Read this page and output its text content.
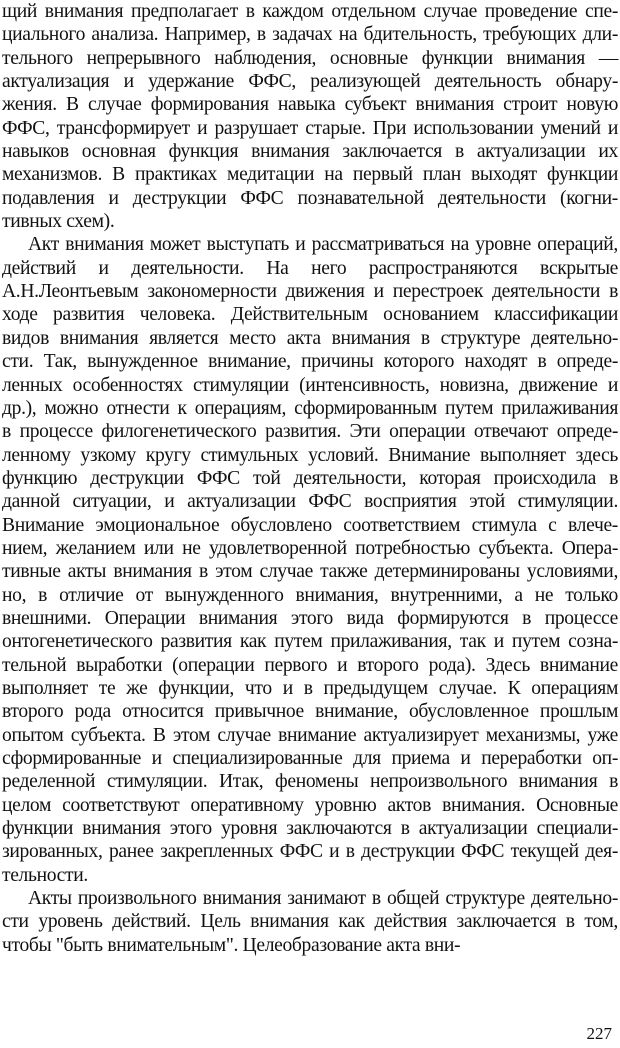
щий внимания предполагает в каждом отдельном случае проведение спе-
циального анализа. Например, в задачах на бдительность, требующих дли-
тельного непрерывного наблюдения, основные функции внимания —
актуализация и удержание ФФС, реализующей деятельность обнару-
жения. В случае формирования навыка субъект внимания строит новую
ФФС, трансформирует и разрушает старые. При использовании умений и
навыков основная функция внимания заключается в актуализации их
механизмов. В практиках медитации на первый план выходят функции
подавления и деструкции ФФС познавательной деятельности (когни-
тивных схем).
Акт внимания может выступать и рассматриваться на уровне операций,
действий и деятельности. На него распространяются вскрытые
А.Н.Леонтьевым закономерности движения и перестроек деятельности в
ходе развития человека. Действительным основанием классификации
видов внимания является место акта внимания в структуре деятельно-
сти. Так, вынужденное внимание, причины которого находят в опреде-
ленных особенностях стимуляции (интенсивность, новизна, движение и
др.), можно отнести к операциям, сформированным путем прилаживания
в процессе филогенетического развития. Эти операции отвечают опреде-
ленному узкому кругу стимульных условий. Внимание выполняет здесь
функцию деструкции ФФС той деятельности, которая происходила в
данной ситуации, и актуализации ФФС восприятия этой стимуляции.
Внимание эмоциональное обусловлено соответствием стимула с влече-
нием, желанием или не удовлетворенной потребностью субъекта. Опера-
тивные акты внимания в этом случае также детерминированы условиями,
но, в отличие от вынужденного внимания, внутренними, а не только
внешними. Операции внимания этого вида формируются в процессе
онтогенетического развития как путем прилаживания, так и путем созна-
тельной выработки (операции первого и второго рода). Здесь внимание
выполняет те же функции, что и в предыдущем случае. К операциям
второго рода относится привычное внимание, обусловленное прошлым
опытом субъекта. В этом случае внимание актуализирует механизмы, уже
сформированные и специализированные для приема и переработки оп-
ределенной стимуляции. Итак, феномены непроизвольного внимания в
целом соответствуют оперативному уровню актов внимания. Основные
функции внимания этого уровня заключаются в актуализации специали-
зированных, ранее закрепленных ФФС и в деструкции ФФС текущей дея-
тельности.
Акты произвольного внимания занимают в общей структуре деятельно-
сти уровень действий. Цель внимания как действия заключается в том,
чтобы "быть внимательным". Целеобразование акта вни-
227
